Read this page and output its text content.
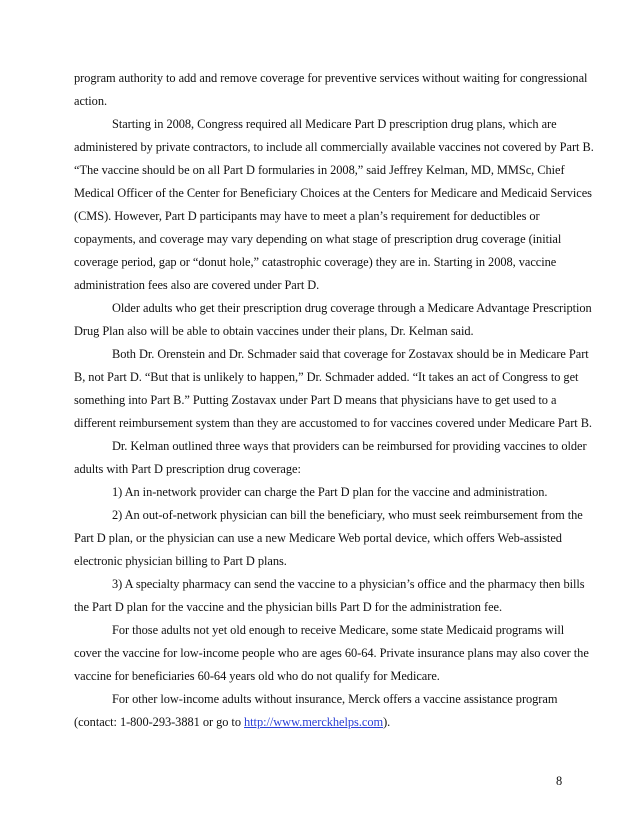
program authority to add and remove coverage for preventive services without waiting for congressional
action.
Starting in 2008, Congress required all Medicare Part D prescription drug plans, which are
administered by private contractors, to include all commercially available vaccines not covered by Part B.
“The vaccine should be on all Part D formularies in 2008,” said Jeffrey Kelman, MD, MMSc, Chief
Medical Officer of the Center for Beneficiary Choices at the Centers for Medicare and Medicaid Services
(CMS). However, Part D participants may have to meet a plan’s requirement for deductibles or
copayments, and coverage may vary depending on what stage of prescription drug coverage (initial
coverage period, gap or “donut hole,” catastrophic coverage) they are in. Starting in 2008, vaccine
administration fees also are covered under Part D.
Older adults who get their prescription drug coverage through a Medicare Advantage Prescription
Drug Plan also will be able to obtain vaccines under their plans, Dr. Kelman said.
Both Dr. Orenstein and Dr. Schmader said that coverage for Zostavax should be in Medicare Part
B, not Part D. “But that is unlikely to happen,” Dr. Schmader added. “It takes an act of Congress to get
something into Part B.” Putting Zostavax under Part D means that physicians have to get used to a
different reimbursement system than they are accustomed to for vaccines covered under Medicare Part B.
Dr. Kelman outlined three ways that providers can be reimbursed for providing vaccines to older
adults with Part D prescription drug coverage:
1) An in-network provider can charge the Part D plan for the vaccine and administration.
2) An out-of-network physician can bill the beneficiary, who must seek reimbursement from the
Part D plan, or the physician can use a new Medicare Web portal device, which offers Web-assisted
electronic physician billing to Part D plans.
3) A specialty pharmacy can send the vaccine to a physician’s office and the pharmacy then bills
the Part D plan for the vaccine and the physician bills Part D for the administration fee.
For those adults not yet old enough to receive Medicare, some state Medicaid programs will
cover the vaccine for low-income people who are ages 60-64. Private insurance plans may also cover the
vaccine for beneficiaries 60-64 years old who do not qualify for Medicare.
For other low-income adults without insurance, Merck offers a vaccine assistance program
(contact: 1-800-293-3881 or go to http://www.merckhelps.com).
8
